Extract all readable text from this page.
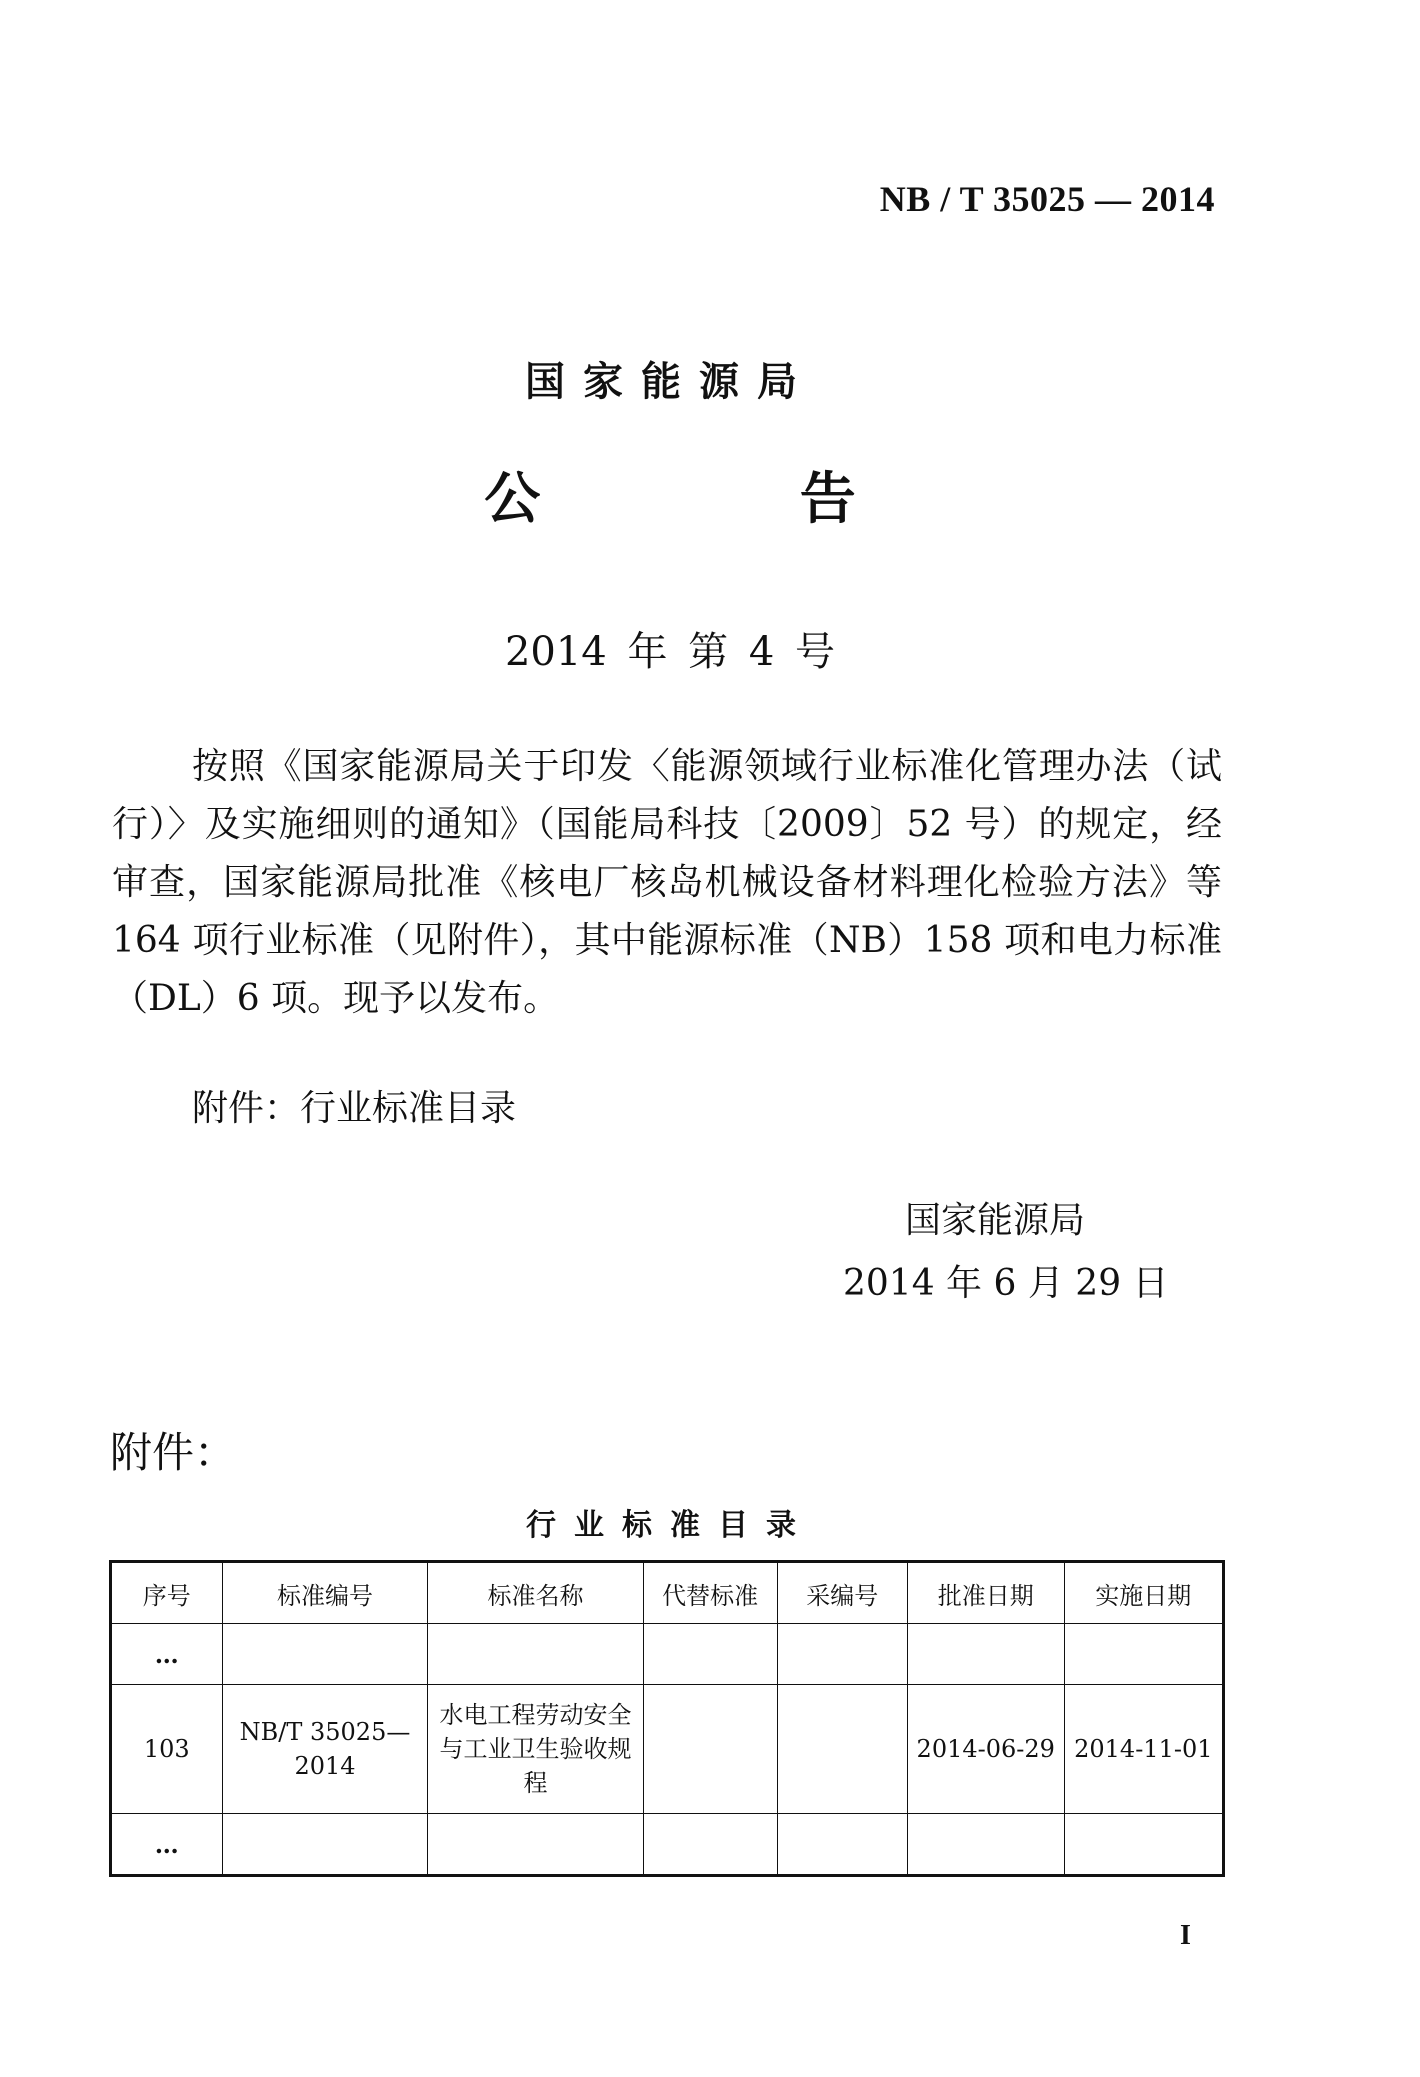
NB / T 35025 — 2014
国家能源局
公 告
2014 年 第 4 号
按照《国家能源局关于印发〈能源领域行业标准化管理办法（试行）〉及实施细则的通知》（国能局科技〔2009〕52 号）的规定，经审查，国家能源局批准《核电厂核岛机械设备材料理化检验方法》等 164 项行业标准（见附件），其中能源标准（NB）158 项和电力标准（DL）6 项。现予以发布。
附件：行业标准目录
国家能源局
2014 年 6 月 29 日
附件：
行业标准目录
序号	标准编号	标准名称	代替标准	采编号	批准日期	实施日期
…						
103	NB/T 35025—2014	水电工程劳动安全与工业卫生验收规程			2014-06-29	2014-11-01
…						
I
